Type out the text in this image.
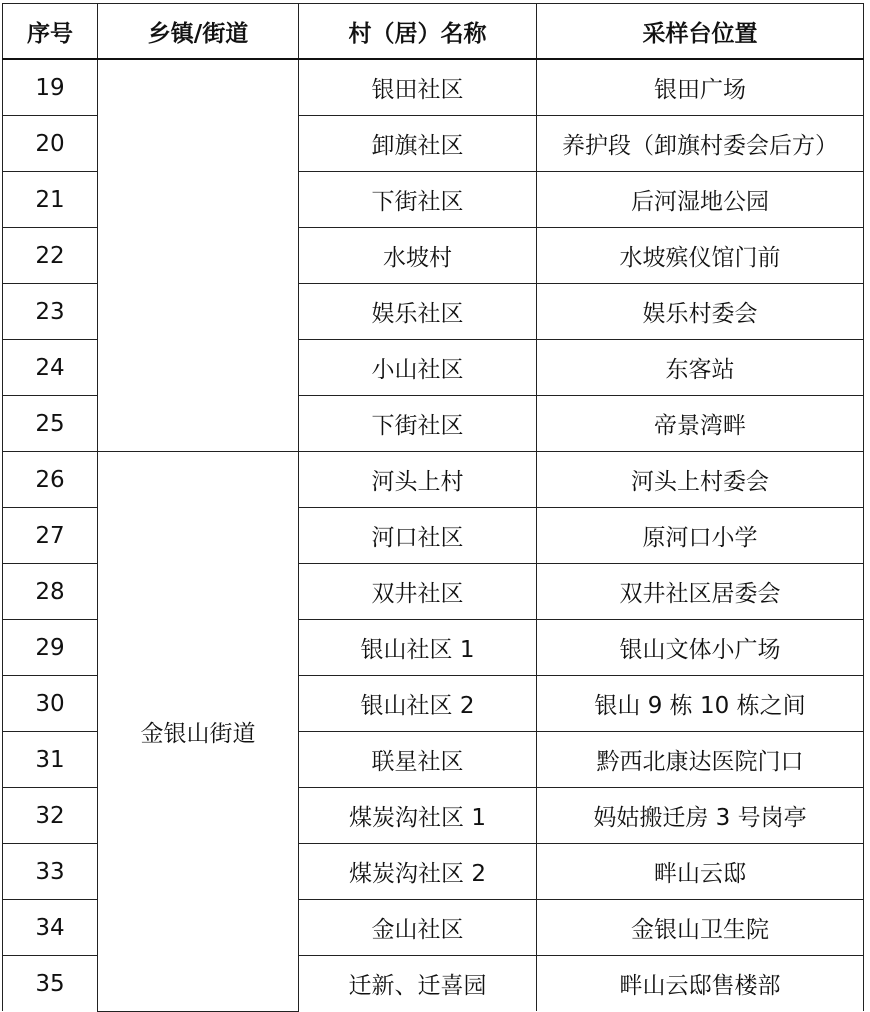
序号	乡镇/街道	村（居）名称	采样台位置
19		银田社区	银田广场
20		卸旗社区	养护段（卸旗村委会后方）
21		下街社区	后河湿地公园
22		水坡村	水坡殡仪馆门前
23		娱乐社区	娱乐村委会
24		小山社区	东客站
25		下街社区	帝景湾畔
26	金银山街道	河头上村	河头上村委会
27		河口社区	原河口小学
28		双井社区	双井社区居委会
29		银山社区 1	银山文体小广场
30		银山社区 2	银山 9 栋 10 栋之间
31		联星社区	黔西北康达医院门口
32		煤炭沟社区 1	妈姑搬迁房 3 号岗亭
33		煤炭沟社区 2	畔山云邸
34		金山社区	金银山卫生院
35		迁新、迁喜园	畔山云邸售楼部
